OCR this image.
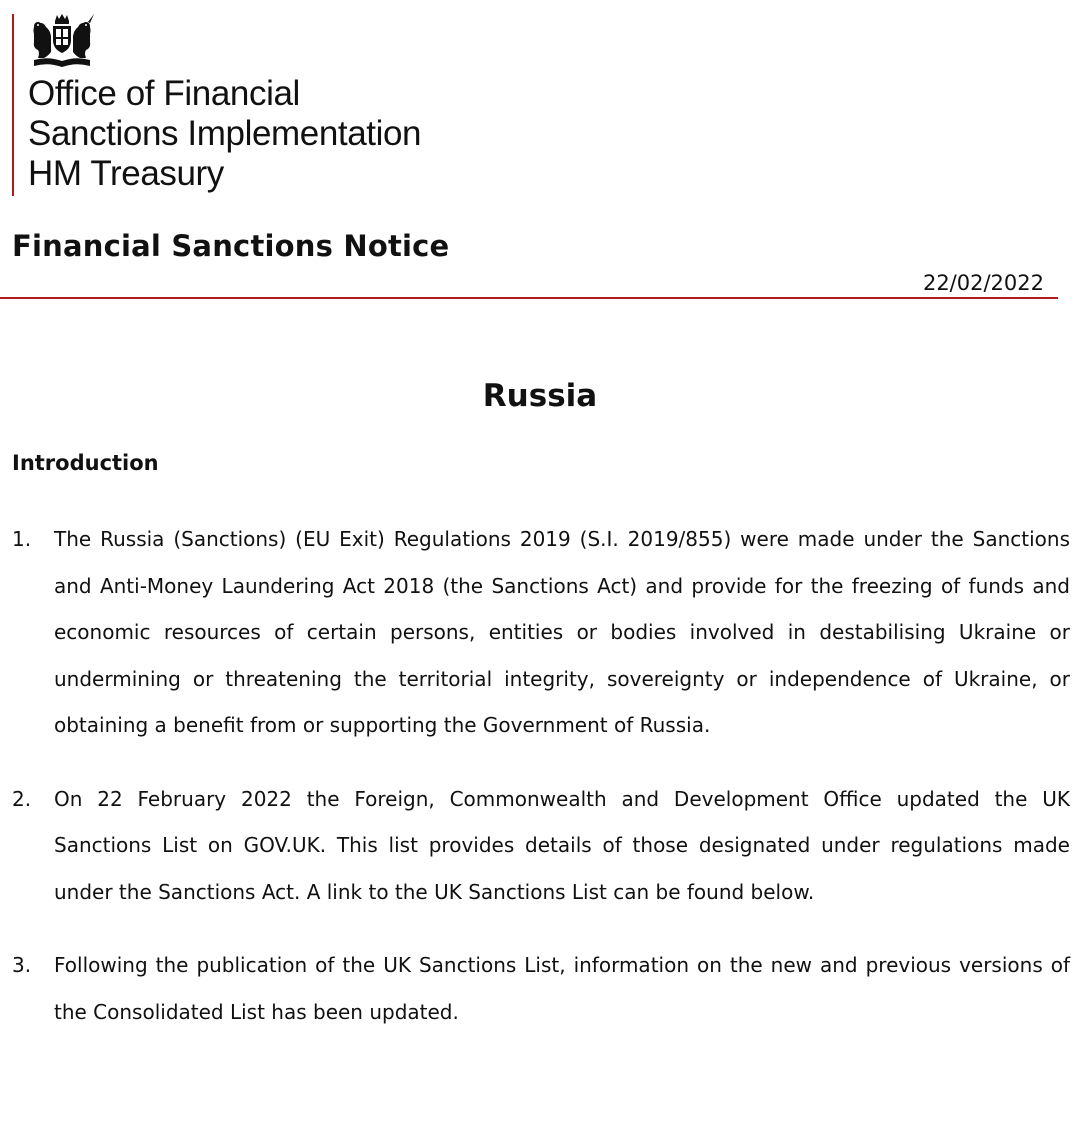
Office of Financial
Sanctions Implementation
HM Treasury
Financial Sanctions Notice
22/02/2022
Russia
Introduction
1. The Russia (Sanctions) (EU Exit) Regulations 2019 (S.I. 2019/855) were made under the Sanctions and Anti-Money Laundering Act 2018 (the Sanctions Act) and provide for the freezing of funds and economic resources of certain persons, entities or bodies involved in destabilising Ukraine or undermining or threatening the territorial integrity, sovereignty or independence of Ukraine, or obtaining a benefit from or supporting the Government of Russia.
2. On 22 February 2022 the Foreign, Commonwealth and Development Office updated the UK Sanctions List on GOV.UK. This list provides details of those designated under regulations made under the Sanctions Act. A link to the UK Sanctions List can be found below.
3. Following the publication of the UK Sanctions List, information on the new and previous versions of the Consolidated List has been updated.
